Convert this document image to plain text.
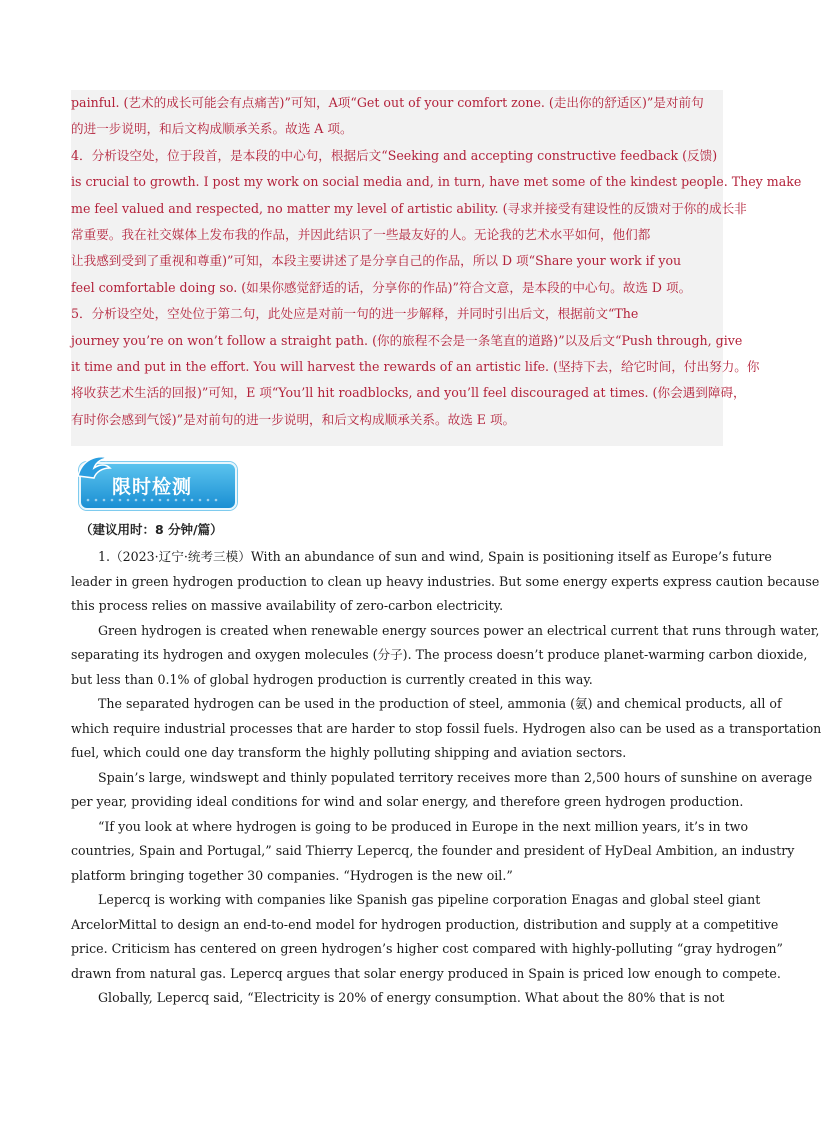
painful. (艺术的成长可能会有点痛苦)”可知，A项“Get out of your comfort zone. (走出你的舒适区)”是对前句

的进一步说明，和后文构成顺承关系。故选 A 项。

4．分析设空处，位于段首，是本段的中心句，根据后文“Seeking and accepting constructive feedback (反馈)

is crucial to growth. I post my work on social media and, in turn, have met some of the kindest people. They make

me feel valued and respected, no matter my level of artistic ability. (寻求并接受有建设性的反馈对于你的成长非

常重要。我在社交媒体上发布我的作品，并因此结识了一些最友好的人。无论我的艺术水平如何，他们都

让我感到受到了重视和尊重)”可知，本段主要讲述了是分享自己的作品，所以 D 项“Share your work if you

feel comfortable doing so. (如果你感觉舒适的话，分享你的作品)”符合文意，是本段的中心句。故选 D 项。

5．分析设空处，空处位于第二句，此处应是对前一句的进一步解释，并同时引出后文，根据前文“The

journey you’re on won’t follow a straight path. (你的旅程不会是一条笔直的道路)”以及后文“Push through, give

it time and put in the effort. You will harvest the rewards of an artistic life. (坚持下去，给它时间，付出努力。你

将收获艺术生活的回报)”可知，E 项“You’ll hit roadblocks, and you’ll feel discouraged at times. (你会遇到障碍，

有时你会感到气馁)”是对前句的进一步说明，和后文构成顺承关系。故选 E 项。

限时检测
（建议用时：8 分钟/篇）
1.（2023·辽宁·统考三模）With an abundance of sun and wind, Spain is positioning itself as Europe’s future
leader in green hydrogen production to clean up heavy industries. But some energy experts express caution because
this process relies on massive availability of zero-carbon electricity.
Green hydrogen is created when renewable energy sources power an electrical current that runs through water,
separating its hydrogen and oxygen molecules (分子). The process doesn’t produce planet-warming carbon dioxide,
but less than 0.1% of global hydrogen production is currently created in this way.
The separated hydrogen can be used in the production of steel, ammonia (氨) and chemical products, all of
which require industrial processes that are harder to stop fossil fuels. Hydrogen also can be used as a transportation
fuel, which could one day transform the highly polluting shipping and aviation sectors.
Spain’s large, windswept and thinly populated territory receives more than 2,500 hours of sunshine on average
per year, providing ideal conditions for wind and solar energy, and therefore green hydrogen production.
“If you look at where hydrogen is going to be produced in Europe in the next million years, it’s in two
countries, Spain and Portugal,” said Thierry Lepercq, the founder and president of HyDeal Ambition, an industry
platform bringing together 30 companies. “Hydrogen is the new oil.”
Lepercq is working with companies like Spanish gas pipeline corporation Enagas and global steel giant
ArcelorMittal to design an end-to-end model for hydrogen production, distribution and supply at a competitive
price. Criticism has centered on green hydrogen’s higher cost compared with highly-polluting “gray hydrogen”
drawn from natural gas. Lepercq argues that solar energy produced in Spain is priced low enough to compete.
Globally, Lepercq said, “Electricity is 20% of energy consumption. What about the 80% that is not
